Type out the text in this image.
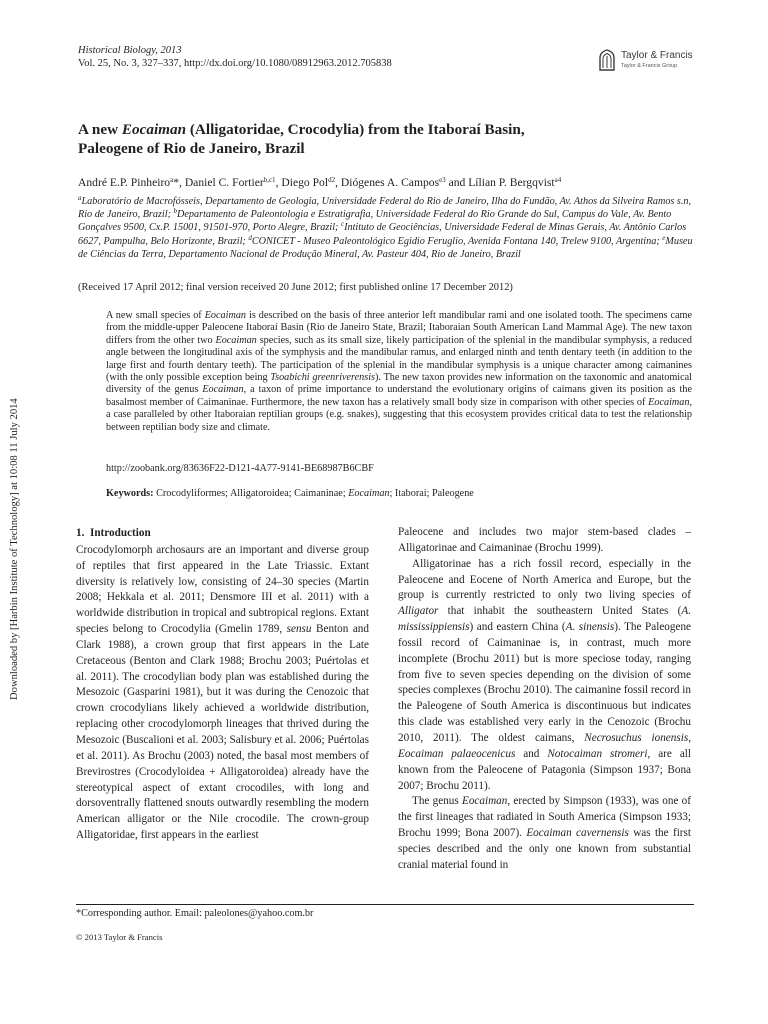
Downloaded by [Harbin Institute of Technology] at 10:08 11 July 2014
Historical Biology, 2013
Vol. 25, No. 3, 327–337, http://dx.doi.org/10.1080/08912963.2012.705838
Taylor & Francis
Taylor & Francis Group
A new Eocaiman (Alligatoridae, Crocodylia) from the Itaboraí Basin,
Paleogene of Rio de Janeiro, Brazil
André E.P. Pinheiro$^a$*, Daniel C. Fortier$^{b,c1}$, Diego Pol$^{d2}$, Diógenes A. Campos$^{e3}$ and Lílian P. Bergqvist$^{a4}$
$^a$Laboratório de Macrofósseis, Departamento de Geologia, Universidade Federal do Rio de Janeiro, Ilha do Fundão, Av. Athos da Silveira Ramos s.n, Rio de Janeiro, Brazil; $^b$Departamento de Paleontologia e Estratigrafia, Universidade Federal do Rio Grande do Sul, Campus do Vale, Av. Bento Gonçalves 9500, Cx.P. 15001, 91501-970, Porto Alegre, Brazil; $^c$Intituto de Geociências, Universidade Federal de Minas Gerais, Av. Antônio Carlos 6627, Pampulha, Belo Horizonte, Brazil; $^d$CONICET - Museo Paleontológico Egidio Feruglio, Avenida Fontana 140, Trelew 9100, Argentina; $^e$Museu de Ciências da Terra, Departamento Nacional de Produção Mineral, Av. Pasteur 404, Rio de Janeiro, Brazil
(Received 17 April 2012; final version received 20 June 2012; first published online 17 December 2012)
A new small species of Eocaiman is described on the basis of three anterior left mandibular rami and one isolated tooth. The specimens came from the middle-upper Paleocene Itaboraí Basin (Rio de Janeiro State, Brazil; Itaboraian South American Land Mammal Age). The new taxon differs from the other two Eocaiman species, such as its small size, likely participation of the splenial in the mandibular symphysis, a reduced angle between the longitudinal axis of the symphysis and the mandibular ramus, and enlarged ninth and tenth dentary teeth (in addition to the large first and fourth dentary teeth). The participation of the splenial in the mandibular symphysis is a unique character among caimanines (with the only possible exception being Tsoabichi greenriverensis). The new taxon provides new information on the taxonomic and anatomical diversity of the genus Eocaiman, a taxon of prime importance to understand the evolutionary origins of caimans given its position as the basalmost member of Caimaninae. Furthermore, the new taxon has a relatively small body size in comparison with other species of Eocaiman, a case paralleled by other Itaboraian reptilian groups (e.g. snakes), suggesting that this ecosystem provides critical data to test the relationship between reptilian body size and climate.
http://zoobank.org/83636F22-D121-4A77-9141-BE68987B6CBF
Keywords: Crocodyliformes; Alligatoroidea; Caimaninae; Eocaiman; Itaborai; Paleogene
1. Introduction

Crocodylomorph archosaurs are an important and diverse group of reptiles that first appeared in the Late Triassic. Extant diversity is relatively low, consisting of 24–30 species (Martin 2008; Hekkala et al. 2011; Densmore III et al. 2011) with a worldwide distribution in tropical and subtropical regions. Extant species belong to Crocodylia (Gmelin 1789, sensu Benton and Clark 1988), a crown group that first appears in the Late Cretaceous (Benton and Clark 1988; Brochu 2003; Puértolas et al. 2011). The crocodylian body plan was established during the Mesozoic (Gasparini 1981), but it was during the Cenozoic that crown crocodylians likely achieved a worldwide distribution, replacing other crocodylomorph lineages that thrived during the Mesozoic (Buscalioni et al. 2003; Salisbury et al. 2006; Puértolas et al. 2011). As Brochu (2003) noted, the basal most members of Brevirostres (Crocodyloidea + Alligatoroidea) already have the stereotypical aspect of extant crocodiles, with long and dorsoventrally flattened snouts outwardly resembling the modern American alligator or the Nile crocodile. The crown-group Alligatoridae, first appears in the earliest

Paleocene and includes two major stem-based clades – Alligatorinae and Caimaninae (Brochu 1999).

Alligatorinae has a rich fossil record, especially in the Paleocene and Eocene of North America and Europe, but the group is currently restricted to only two living species of Alligator that inhabit the southeastern United States (A. mississippiensis) and eastern China (A. sinensis). The Paleogene fossil record of Caimaninae is, in contrast, much more incomplete (Brochu 2011) but is more speciose today, ranging from five to seven species depending on the division of some species complexes (Brochu 2010). The caimanine fossil record in the Paleogene of South America is discontinuous but indicates this clade was established very early in the Cenozoic (Brochu 2010, 2011). The oldest caimans, Necrosuchus ionensis, Eocaiman palaeocenicus and Notocaiman stromeri, are all known from the Paleocene of Patagonia (Simpson 1937; Bona 2007; Brochu 2011).

The genus Eocaiman, erected by Simpson (1933), was one of the first lineages that radiated in South America (Simpson 1933; Brochu 1999; Bona 2007). Eocaiman cavernensis was the first species described and the only one known from substantial cranial material found in

*Corresponding author. Email: paleolones@yahoo.com.br
© 2013 Taylor & Francis
